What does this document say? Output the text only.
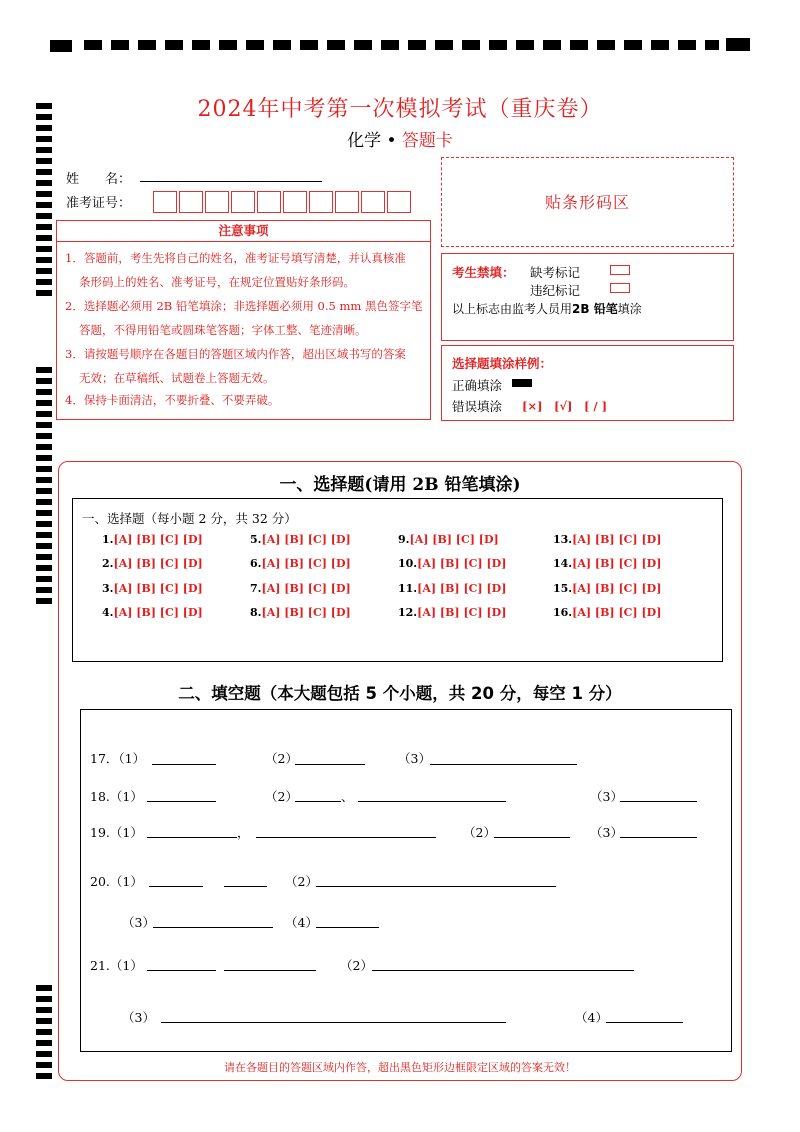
2024年中考第一次模拟考试（重庆卷）
化学 • 答题卡
姓　　名：
准考证号：	贴条形码区
注意事项
1．答题前，考生先将自己的姓名，准考证号填写清楚，并认真核准
条形码上的姓名、准考证号，在规定位置贴好条形码。
2．选择题必须用 2B 铅笔填涂；非选择题必须用 0.5 mm 黑色签字笔
答题，不得用铅笔或圆珠笔答题；字体工整、笔迹清晰。
3．请按题号顺序在各题目的答题区域内作答，超出区域书写的答案
无效；在草稿纸、试题卷上答题无效。
4．保持卡面清洁，不要折叠、不要弄破。
考生禁填： 缺考标记
违纪标记
以上标志由监考人员用2B 铅笔填涂
选择题填涂样例：
正确填涂
错误填涂 [×]　[√]　[ / ]
一、选择题(请用 2B 铅笔填涂)
一、选择题（每小题 2 分，共 32 分）
1.[A] [B] [C] [D]
2.[A] [B] [C] [D]
3.[A] [B] [C] [D]
4.[A] [B] [C] [D]
5.[A] [B] [C] [D]
6.[A] [B] [C] [D]
7.[A] [B] [C] [D]
8.[A] [B] [C] [D]
9.[A] [B] [C] [D]
10.[A] [B] [C] [D]
11.[A] [B] [C] [D]
12.[A] [B] [C] [D]
13.[A] [B] [C] [D]
14.[A] [B] [C] [D]
15.[A] [B] [C] [D]
16.[A] [B] [C] [D]
二、填空题（本大题包括 5 个小题，共 20 分，每空 1 分）
17．（1）	（2）	（3）
18.（1）	（2）	、	（3）
19.（1）	，	（2）	（3）
20.（1）	（2）
（3）	（4）
21.（1）	（2）
（3）	（4）
请在各题目的答题区域内作答，超出黑色矩形边框限定区域的答案无效！
